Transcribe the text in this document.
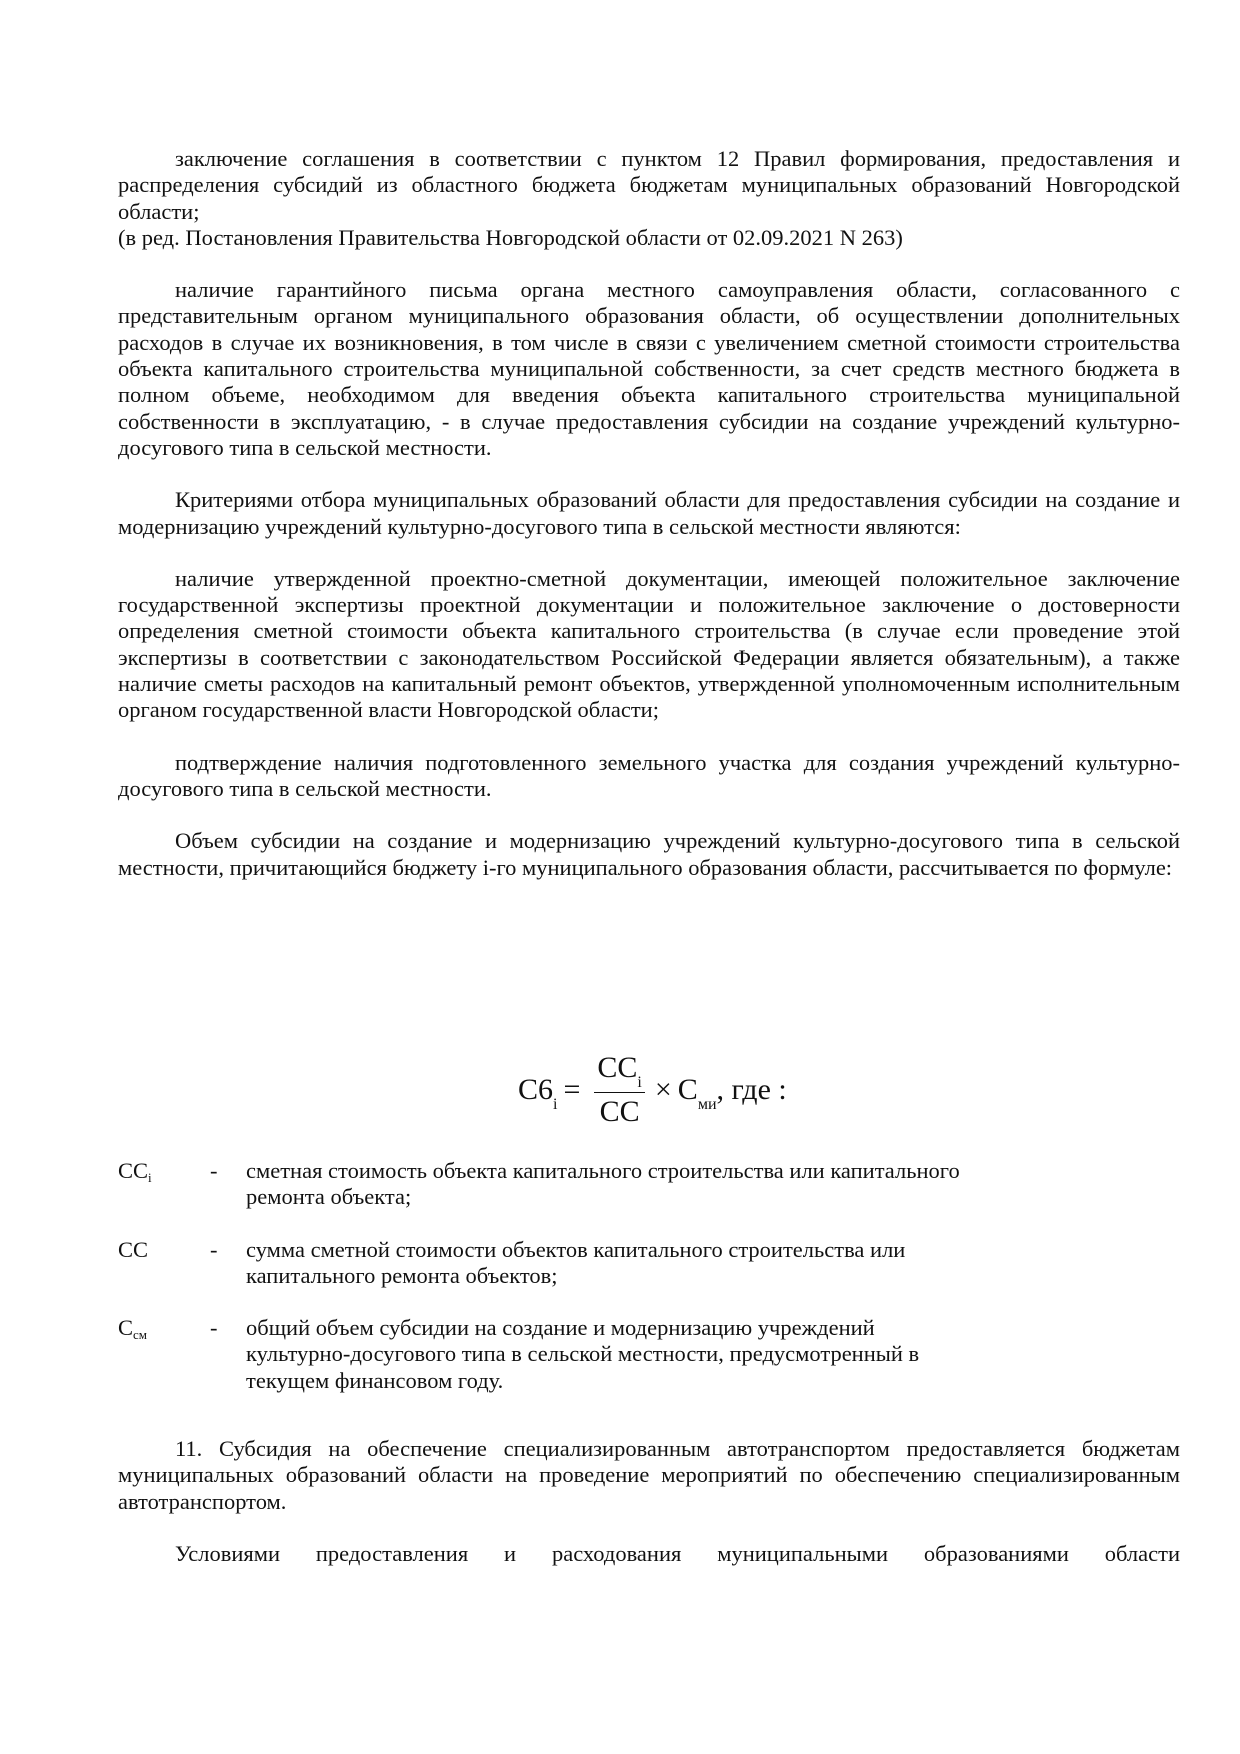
заключение соглашения в соответствии с пунктом 12 Правил формирования, предоставления и распределения субсидий из областного бюджета бюджетам муниципальных образований Новгородской области;

(в ред. Постановления Правительства Новгородской области от 02.09.2021 N 263)

наличие гарантийного письма органа местного самоуправления области, согласованного с представительным органом муниципального образования области, об осуществлении дополнительных расходов в случае их возникновения, в том числе в связи с увеличением сметной стоимости строительства объекта капитального строительства муниципальной собственности, за счет средств местного бюджета в полном объеме, необходимом для введения объекта капитального строительства муниципальной собственности в эксплуатацию, - в случае предоставления субсидии на создание учреждений культурно-досугового типа в сельской местности.

Критериями отбора муниципальных образований области для предоставления субсидии на создание и модернизацию учреждений культурно-досугового типа в сельской местности являются:

наличие утвержденной проектно-сметной документации, имеющей положительное заключение государственной экспертизы проектной документации и положительное заключение о достоверности определения сметной стоимости объекта капитального строительства (в случае если проведение этой экспертизы в соответствии с законодательством Российской Федерации является обязательным), а также наличие сметы расходов на капитальный ремонт объектов, утвержденной уполномоченным исполнительным органом государственной власти Новгородской области;

подтверждение наличия подготовленного земельного участка для создания учреждений культурно-досугового типа в сельской местности.

Объем субсидии на создание и модернизацию учреждений культурно-досугового типа в сельской местности, причитающийся бюджету i-го муниципального образования области, рассчитывается по формуле:

$C6_i = \frac{CC_i}{CC} \times C_{ми}$ , где :
CCi	-	сметная стоимость объекта капитального строительства или капитального ремонта объекта;
CC	-	сумма сметной стоимости объектов капитального строительства или капитального ремонта объектов;
Cсм	-	общий объем субсидии на создание и модернизацию учреждений культурно-досугового типа в сельской местности, предусмотренный в текущем финансовом году.

11. Субсидия на обеспечение специализированным автотранспортом предоставляется бюджетам муниципальных образований области на проведение мероприятий по обеспечению специализированным автотранспортом.

Условиями предоставления и расходования муниципальными образованиями области
